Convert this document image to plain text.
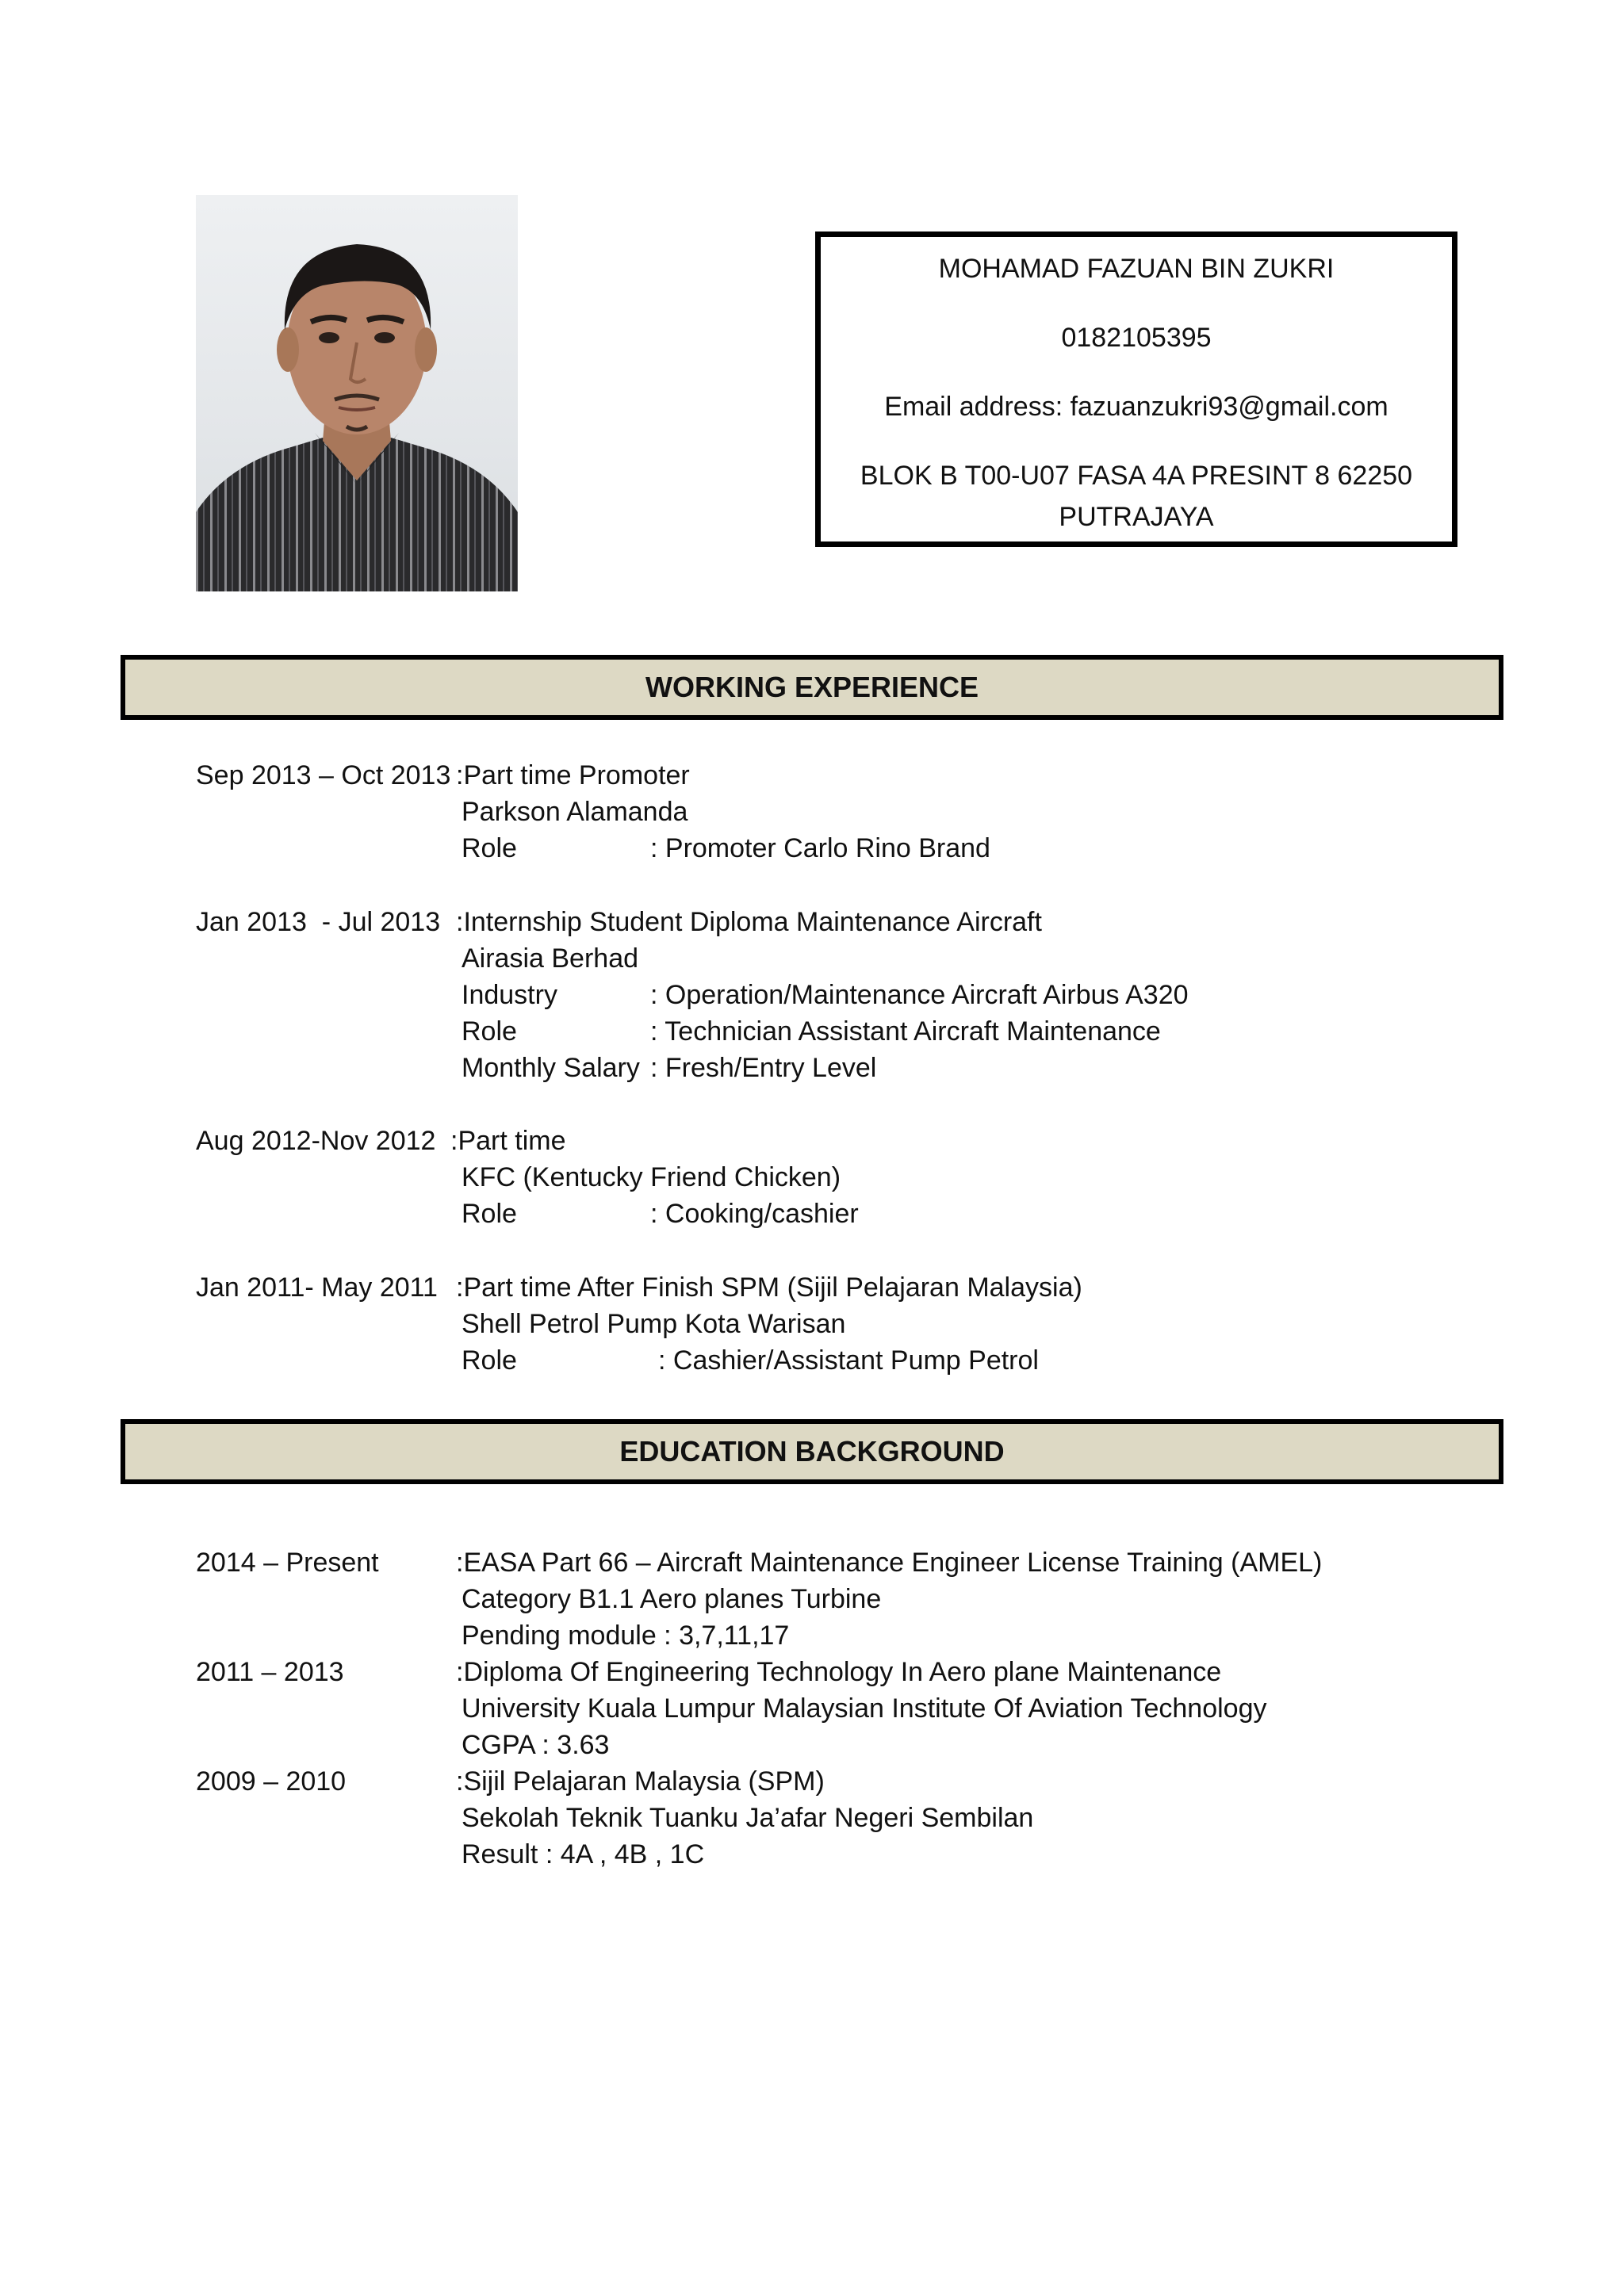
MOHAMAD FAZUAN BIN ZUKRI
0182105395
Email address: fazuanzukri93@gmail.com
BLOK B T00-U07 FASA 4A PRESINT 8 62250 PUTRAJAYA
WORKING EXPERIENCE
Sep 2013 – Oct 2013 :Part time Promoter
Parkson Alamanda
Role	: Promoter Carlo Rino Brand
Jan 2013  - Jul 2013 :Internship Student Diploma Maintenance Aircraft
Airasia Berhad
Industry	: Operation/Maintenance Aircraft Airbus A320
Role	: Technician Assistant Aircraft Maintenance
Monthly Salary : Fresh/Entry Level
Aug 2012-Nov 2012 :Part time
KFC (Kentucky Friend Chicken)
Role	: Cooking/cashier
Jan 2011- May 2011 :Part time After Finish SPM (Sijil Pelajaran Malaysia)
Shell Petrol Pump Kota Warisan
Role	: Cashier/Assistant Pump Petrol
EDUCATION BACKGROUND
2014 – Present	:EASA Part 66 – Aircraft Maintenance Engineer License Training (AMEL)
Category B1.1 Aero planes Turbine
Pending module : 3,7,11,17
2011 – 2013	:Diploma Of Engineering Technology In Aero plane Maintenance
University Kuala Lumpur Malaysian Institute Of Aviation Technology
CGPA : 3.63
2009 – 2010	:Sijil Pelajaran Malaysia (SPM)
Sekolah Teknik Tuanku Ja’afar Negeri Sembilan
Result : 4A , 4B , 1C
